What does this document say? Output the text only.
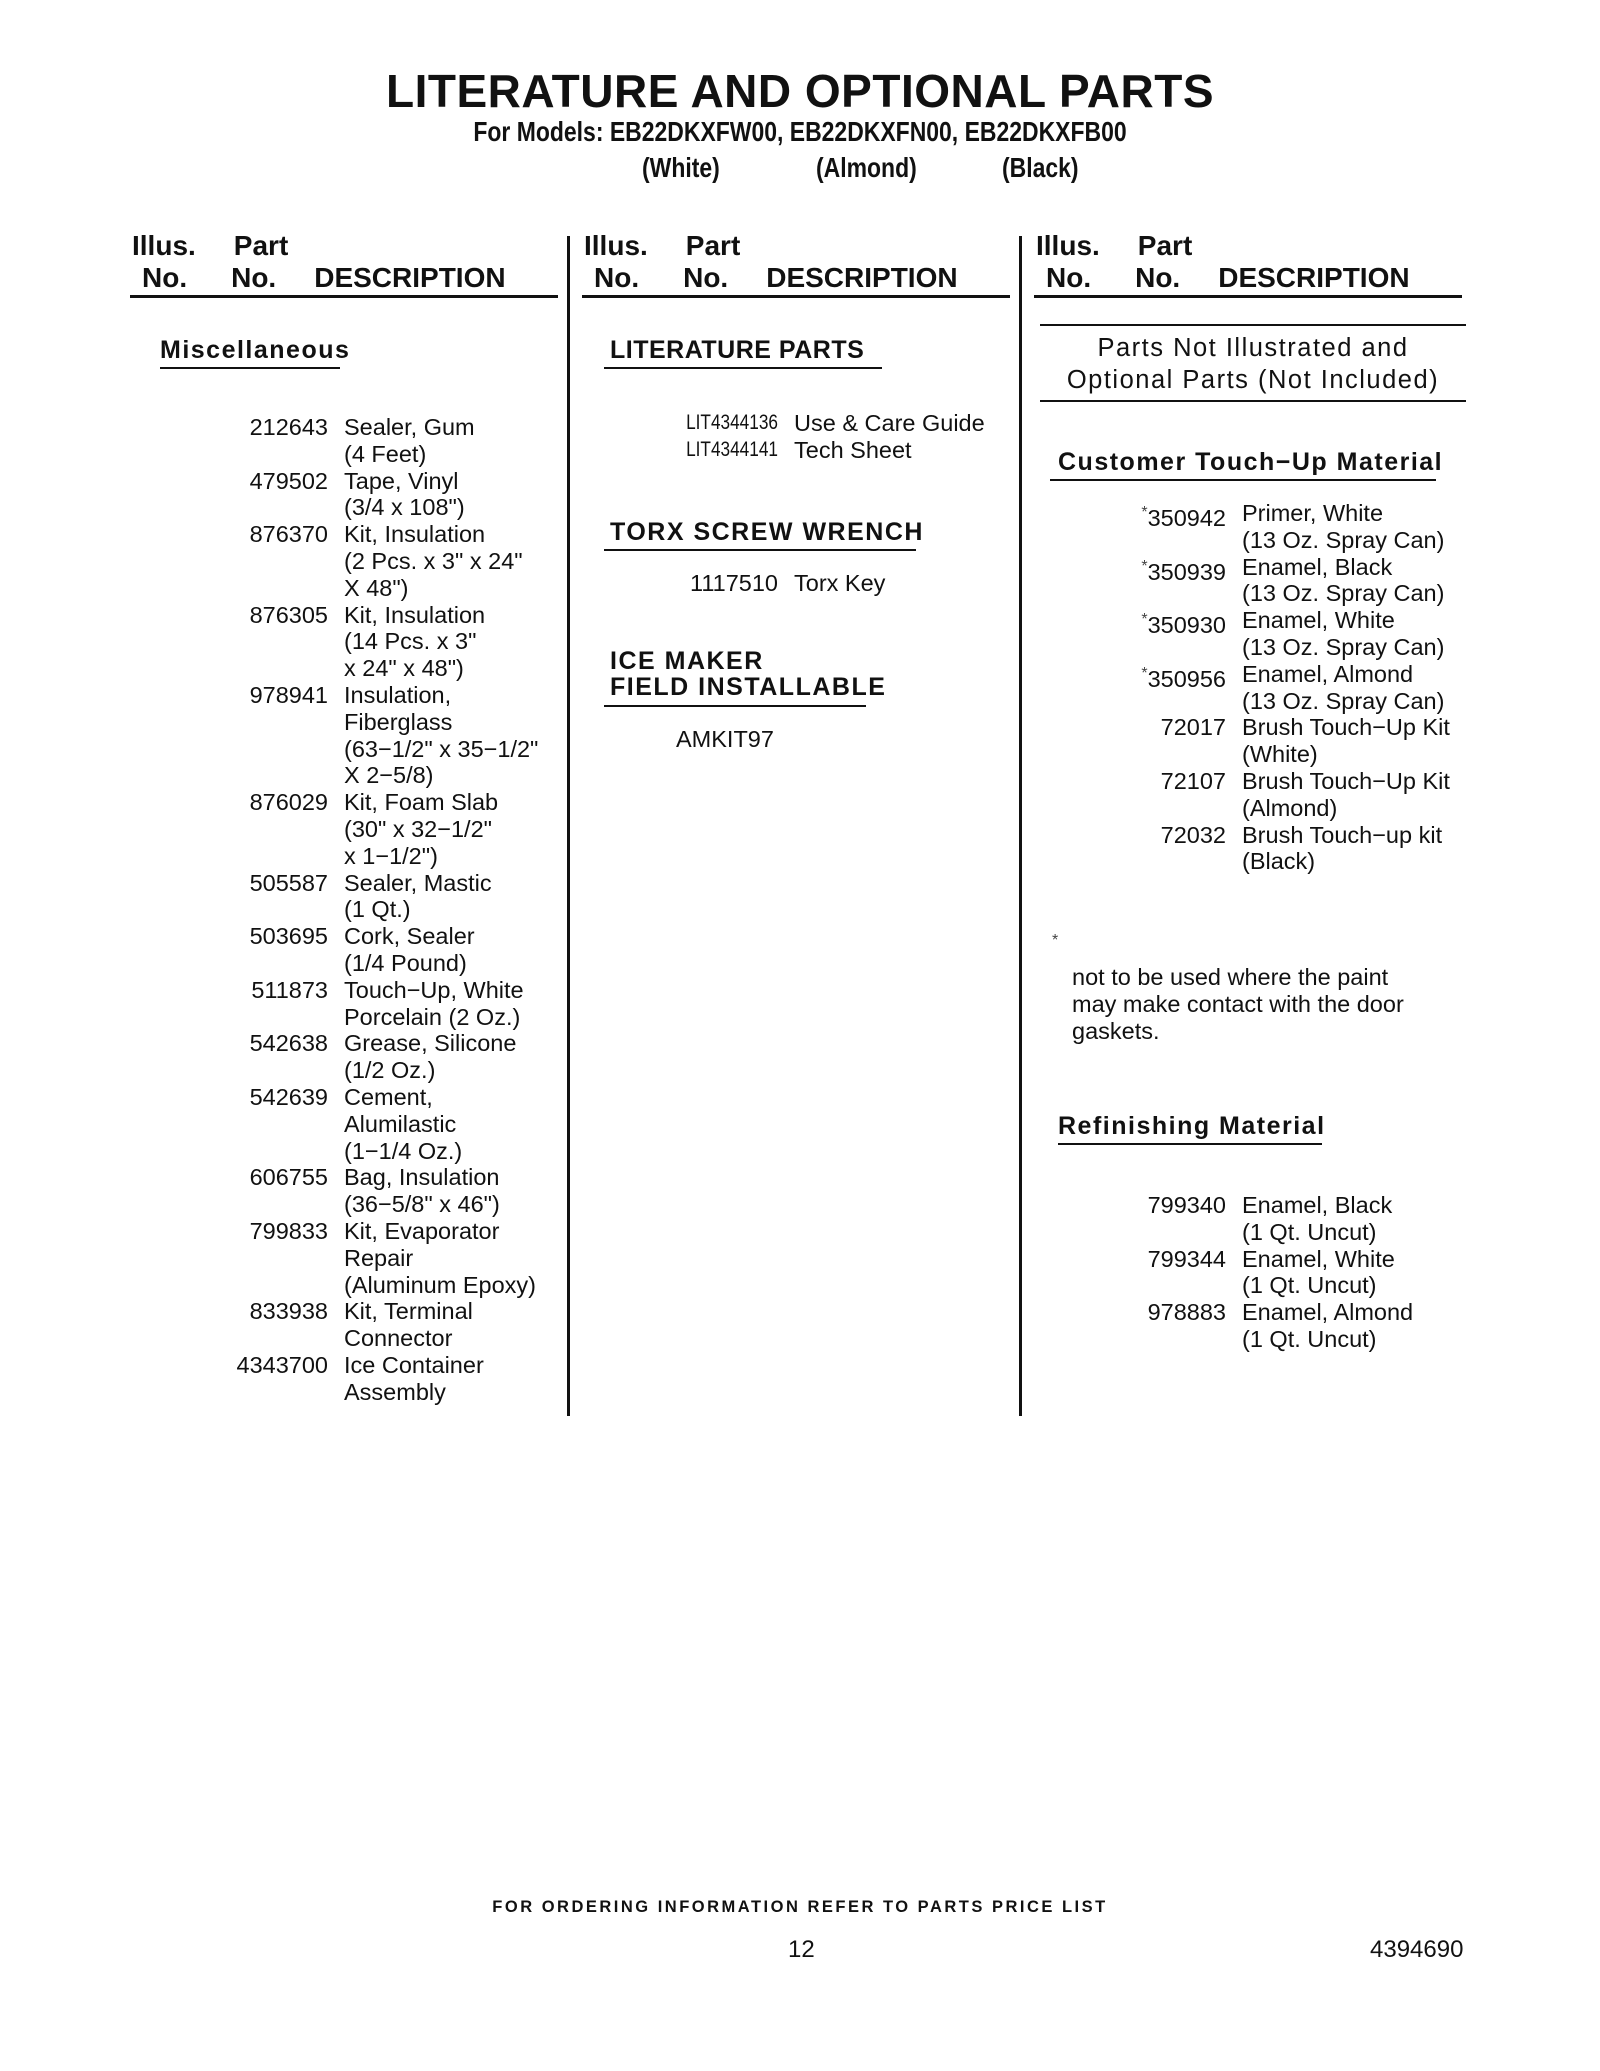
LITERATURE AND OPTIONAL PARTS
For Models: EB22DKXFW00, EB22DKXFN00, EB22DKXFB00
(White)	(Almond)	(Black)
Illus. Part
No. No. DESCRIPTION
Illus. Part
No. No. DESCRIPTION
Illus. Part
No. No. DESCRIPTION
Miscellaneous
212643 Sealer, Gum
(4 Feet)
479502 Tape, Vinyl
(3/4 x 108")
876370 Kit, Insulation
(2 Pcs. x 3" x 24"
X 48")
876305 Kit, Insulation
(14 Pcs. x 3"
x 24" x 48")
978941 Insulation,
Fiberglass
(63−1/2" x 35−1/2"
X 2−5/8)
876029 Kit, Foam Slab
(30" x 32−1/2"
x 1−1/2")
505587 Sealer, Mastic
(1 Qt.)
503695 Cork, Sealer
(1/4 Pound)
511873 Touch−Up, White
Porcelain (2 Oz.)
542638 Grease, Silicone
(1/2 Oz.)
542639 Cement,
Alumilastic
(1−1/4 Oz.)
606755 Bag, Insulation
(36−5/8" x 46")
799833 Kit, Evaporator
Repair
(Aluminum Epoxy)
833938 Kit, Terminal
Connector
4343700 Ice Container
Assembly
LITERATURE PARTS
LIT4344136 Use & Care Guide
LIT4344141 Tech Sheet
TORX SCREW WRENCH
1117510 Torx Key
ICE MAKER
FIELD INSTALLABLE
AMKIT97
Parts Not Illustrated and
Optional Parts (Not Included)
Customer Touch−Up Material
*350942 Primer, White
(13 Oz. Spray Can)
*350939 Enamel, Black
(13 Oz. Spray Can)
*350930 Enamel, White
(13 Oz. Spray Can)
*350956 Enamel, Almond
(13 Oz. Spray Can)
72017 Brush Touch−Up Kit
(White)
72107 Brush Touch−Up Kit
(Almond)
72032 Brush Touch−up kit
(Black)
*
not to be used where the paint
may make contact with the door
gaskets.
Refinishing Material
799340 Enamel, Black
(1 Qt. Uncut)
799344 Enamel, White
(1 Qt. Uncut)
978883 Enamel, Almond
(1 Qt. Uncut)
FOR ORDERING INFORMATION REFER TO PARTS PRICE LIST
12	4394690
